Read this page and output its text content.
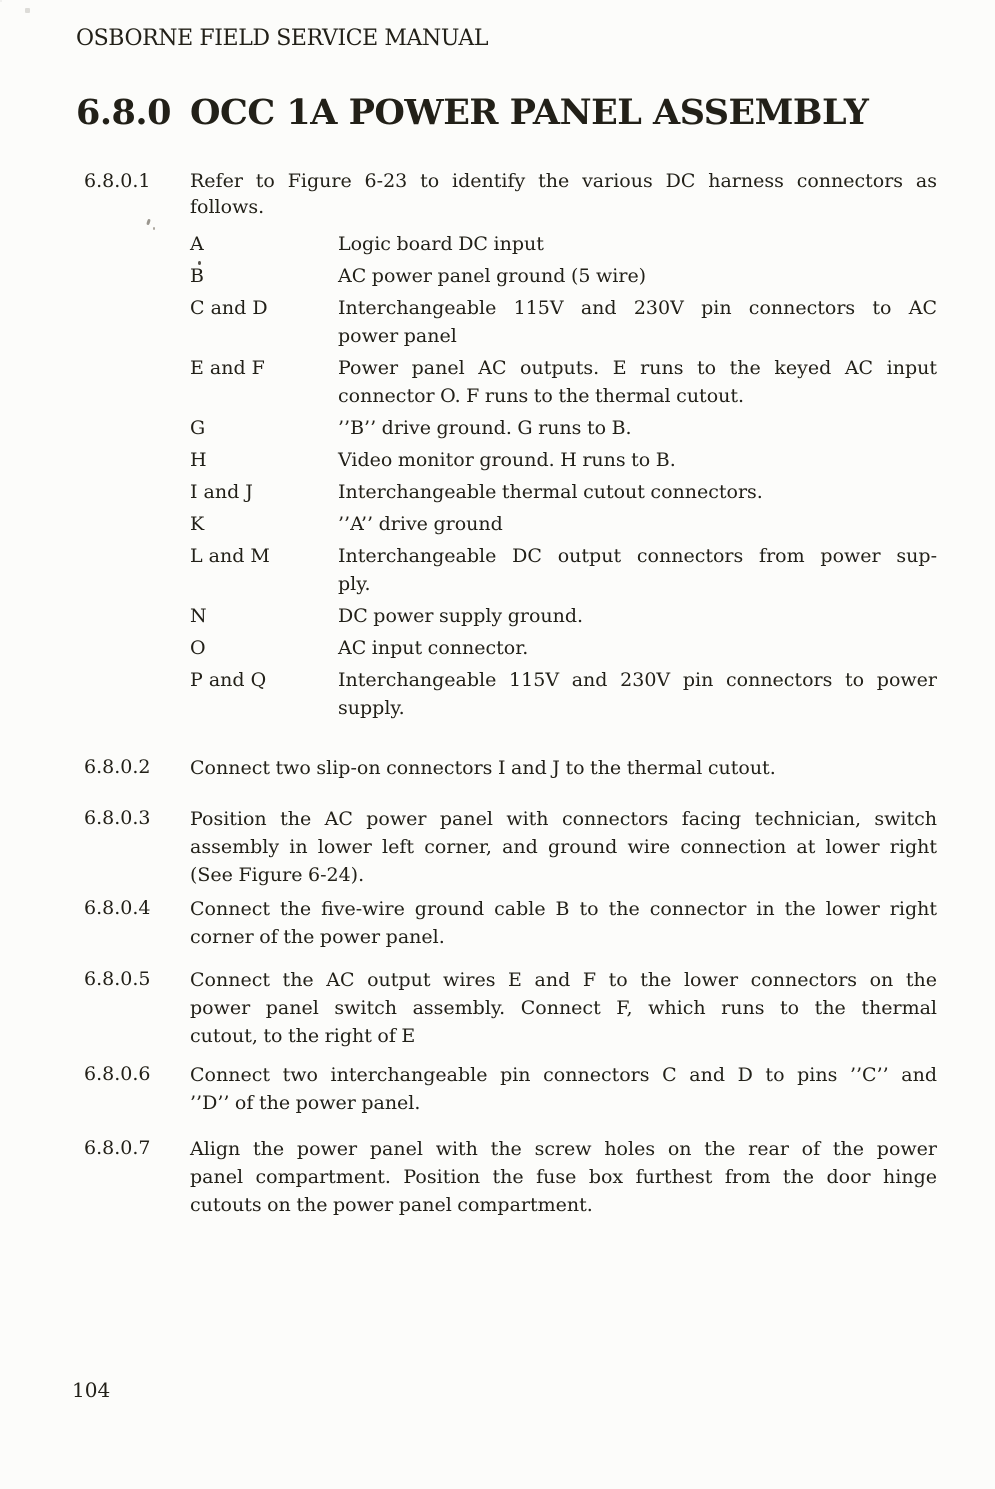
OSBORNE FIELD SERVICE MANUAL
6.8.0 OCC 1A POWER PANEL ASSEMBLY
6.8.0.1 Refer to Figure 6-23 to identify the various DC harness connectors as
follows.
A	Logic board DC input
B	AC power panel ground (5 wire)
C and D	Interchangeable 115V and 230V pin connectors to AC
power panel
E and F	Power panel AC outputs. E runs to the keyed AC input
connector O. F runs to the thermal cutout.
G	’’B’’ drive ground. G runs to B.
H	Video monitor ground. H runs to B.
I and J	Interchangeable thermal cutout connectors.
K	’’A’’ drive ground
L and M	Interchangeable DC output connectors from power sup-
ply.
N	DC power supply ground.
O	AC input connector.
P and Q	Interchangeable 115V and 230V pin connectors to power
supply.
6.8.0.2 Connect two slip-on connectors I and J to the thermal cutout.
6.8.0.3 Position the AC power panel with connectors facing technician, switch
assembly in lower left corner, and ground wire connection at lower right
(See Figure 6-24).
6.8.0.4 Connect the five-wire ground cable B to the connector in the lower right
corner of the power panel.
6.8.0.5 Connect the AC output wires E and F to the lower connectors on the
power panel switch assembly. Connect F, which runs to the thermal
cutout, to the right of E
6.8.0.6 Connect two interchangeable pin connectors C and D to pins ’’C’’ and
’’D’’ of the power panel.
6.8.0.7 Align the power panel with the screw holes on the rear of the power
panel compartment. Position the fuse box furthest from the door hinge
cutouts on the power panel compartment.
104
